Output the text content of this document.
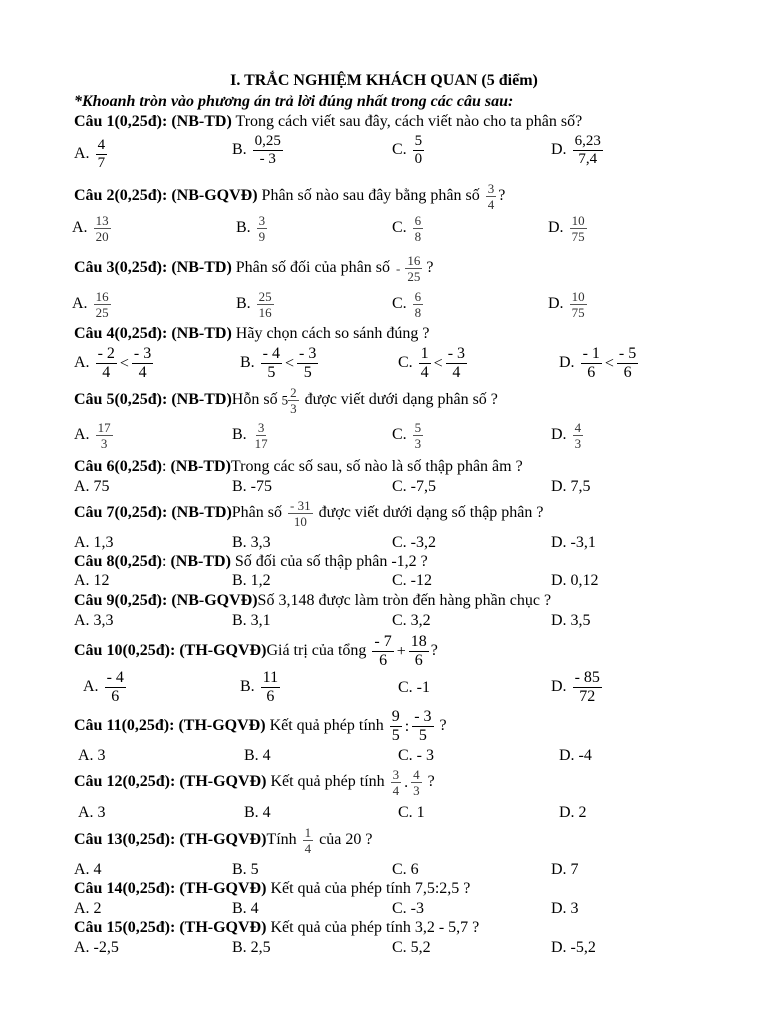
I. TRẮC NGHIỆM KHÁCH QUAN (5 điểm)
*Khoanh tròn vào phương án trả lời đúng nhất trong các câu sau:
Câu 1(0,25đ): (NB-TD) Trong cách viết sau đây, cách viết nào cho ta phân số?
A. $\frac{4}{7}$	B. $\frac{0,25}{- 3}$	C. $\frac{5}{0}$	D. $\frac{6,23}{7,4}$
Câu 2(0,25đ): (NB-GQVĐ) Phân số nào sau đây bằng phân số $\frac{3}{4}$ ?
A. $\frac{13}{20}$	B. $\frac{3}{9}$	C. $\frac{6}{8}$	D. $\frac{10}{75}$
Câu 3(0,25đ): (NB-TD) Phân số đối của phân số -
16
25
?
A. $\frac{16}{25}$	B. $\frac{25}{16}$	C. $\frac{6}{8}$	D. $\frac{10}{75}$
Câu 4(0,25đ): (NB-TD) Hãy chọn cách so sánh đúng ?
A. $\frac{- 2}{4} < \frac{- 3}{4}$	B. $\frac{- 4}{5} < \frac{- 3}{5}$	C. $\frac{1}{4} < \frac{- 3}{4}$	D. $\frac{- 1}{6} < \frac{- 5}{6}$
Câu 5(0,25đ): (NB-TD)Hỗn số $5 \frac{2}{3}$ được viết dưới dạng phân số ?
A. $\frac{17}{3}$	B. $\frac{3}{17}$	C. $\frac{5}{3}$	D. $\frac{4}{3}$
Câu 6(0,25đ): (NB-TD)Trong các số sau, số nào là số thập phân âm ?
A. 75	B. -75	C. -7,5	D. 7,5
Câu 7(0,25đ): (NB-TD)Phân số $\frac{- 31}{10}$ được viết dưới dạng số thập phân ?
A. 1,3	B. 3,3	C. -3,2	D. -3,1
Câu 8(0,25đ): (NB-TD) Số đối của số thập phân -1,2 ?
A. 12	B. 1,2	C. -12	D. 0,12
Câu 9(0,25đ): (NB-GQVĐ)Số 3,148 được làm tròn đến hàng phần chục ?
A. 3,3	B. 3,1	C. 3,2	D. 3,5
Câu 10(0,25đ): (TH-GQVĐ)Giá trị của tổng $\frac{- 7}{6} + \frac{18}{6}$ ?
A. $\frac{- 4}{6}$	B. $\frac{11}{6}$	C. -1	D. $\frac{- 85}{72}$
Câu 11(0,25đ): (TH-GQVĐ) Kết quả phép tính $\frac{9}{5}$ : $\frac{- 3}{5}$ ?
A. 3	B. 4	C. - 3	D. -4
Câu 12(0,25đ): (TH-GQVĐ) Kết quả phép tính $\frac{3}{4}$ . $\frac{4}{3}$ ?
A. 3	B. 4	C. 1	D. 2
Câu 13(0,25đ): (TH-GQVĐ)Tính $\frac{1}{4}$ của 20 ?
A. 4	B. 5	C. 6	D. 7
Câu 14(0,25đ): (TH-GQVĐ) Kết quả của phép tính 7,5:2,5 ?
A. 2	B. 4	C. -3	D. 3
Câu 15(0,25đ): (TH-GQVĐ) Kết quả của phép tính 3,2 - 5,7 ?
A. -2,5	B. 2,5	C. 5,2	D. -5,2
